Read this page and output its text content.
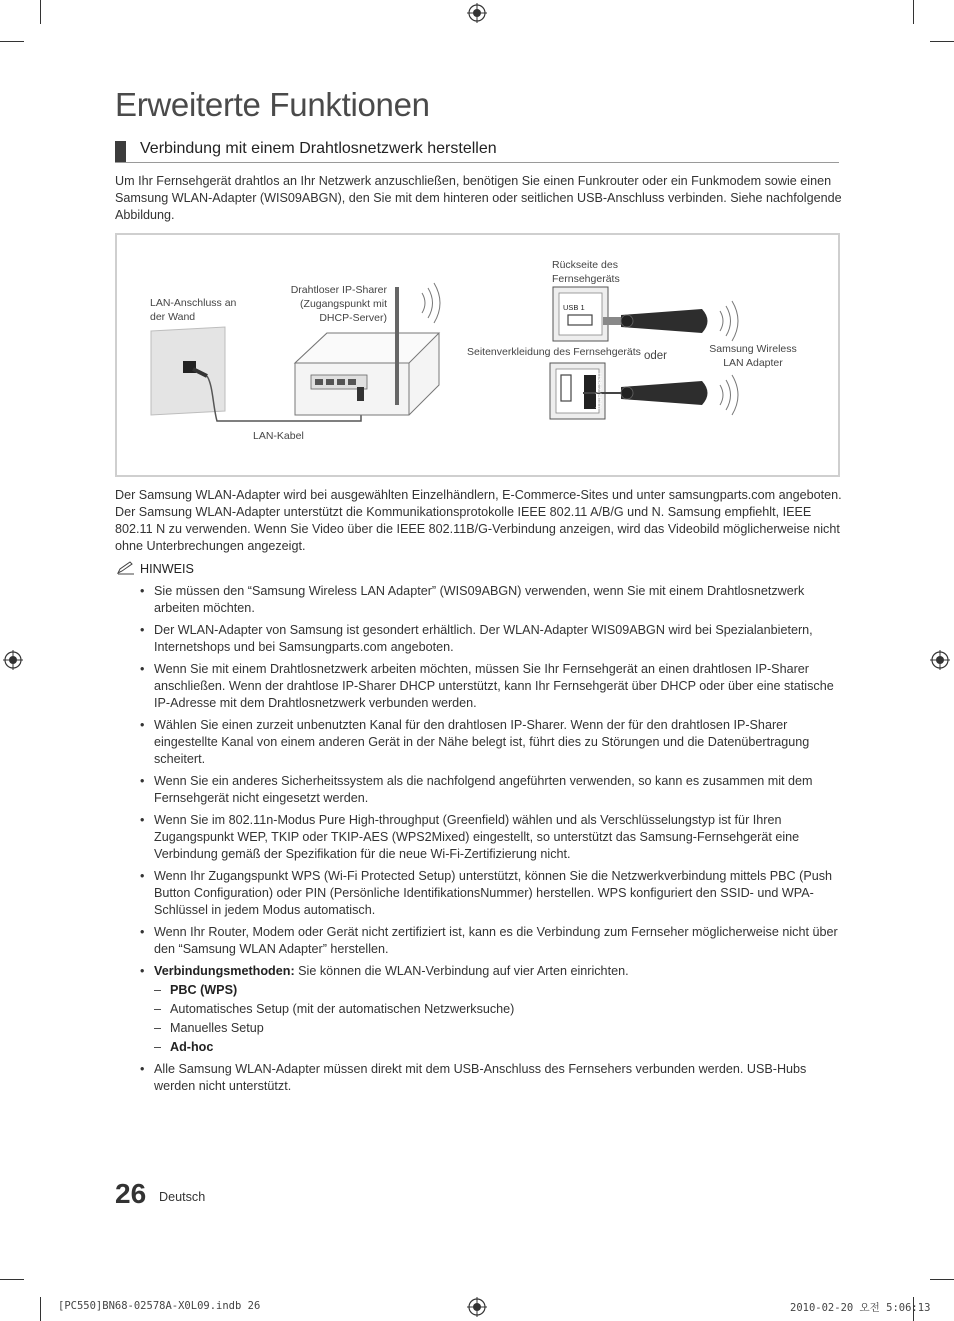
Erweiterte Funktionen
Verbindung mit einem Drahtlosnetzwerk herstellen
Um Ihr Fernsehgerät drahtlos an Ihr Netzwerk anzuschließen, benötigen Sie einen Funkrouter oder ein Funkmodem sowie einen Samsung WLAN-Adapter (WIS09ABGN), den Sie mit dem hinteren oder seitlichen USB-Anschluss verbinden. Siehe nachfolgende Abbildung.
USB 1
USB 2 (HDD)
LAN-Anschluss an
der Wand
Drahtloser IP-Sharer
(Zugangspunkt mit
DHCP-Server)
LAN-Kabel
Rückseite des
Fernsehgeräts
Seitenverkleidung des Fernsehgeräts oder
Samsung Wireless
LAN Adapter
Der Samsung WLAN-Adapter wird bei ausgewählten Einzelhändlern, E-Commerce-Sites und unter samsungparts.com angeboten. Der Samsung WLAN-Adapter unterstützt die Kommunikationsprotokolle IEEE 802.11 A/B/G und N. Samsung empfiehlt, IEEE 802.11 N zu verwenden. Wenn Sie Video über die IEEE 802.11B/G-Verbindung anzeigen, wird das Videobild möglicherweise nicht ohne Unterbrechungen angezeigt.
HINWEIS
• Sie müssen den “Samsung Wireless LAN Adapter” (WIS09ABGN) verwenden, wenn Sie mit einem Drahtlosnetzwerk arbeiten möchten.
• Der WLAN-Adapter von Samsung ist gesondert erhältlich. Der WLAN-Adapter WIS09ABGN wird bei Spezialanbietern, Internetshops und bei Samsungparts.com angeboten.
• Wenn Sie mit einem Drahtlosnetzwerk arbeiten möchten, müssen Sie Ihr Fernsehgerät an einen drahtlosen IP-Sharer anschließen. Wenn der drahtlose IP-Sharer DHCP unterstützt, kann Ihr Fernsehgerät über DHCP oder über eine statische IP-Adresse mit dem Drahtlosnetzwerk verbunden werden.
• Wählen Sie einen zurzeit unbenutzten Kanal für den drahtlosen IP-Sharer. Wenn der für den drahtlosen IP-Sharer eingestellte Kanal von einem anderen Gerät in der Nähe belegt ist, führt dies zu Störungen und die Datenübertragung scheitert.
• Wenn Sie ein anderes Sicherheitssystem als die nachfolgend angeführten verwenden, so kann es zusammen mit dem Fernsehgerät nicht eingesetzt werden.
• Wenn Sie im 802.11n-Modus Pure High-throughput (Greenfield) wählen und als Verschlüsselungstyp ist für Ihren Zugangspunkt WEP, TKIP oder TKIP-AES (WPS2Mixed) eingestellt, so unterstützt das Samsung-Fernsehgerät eine Verbindung gemäß der Spezifikation für die neue Wi-Fi-Zertifizierung nicht.
• Wenn Ihr Zugangspunkt WPS (Wi-Fi Protected Setup) unterstützt, können Sie die Netzwerkverbindung mittels PBC (Push Button Configuration) oder PIN (Persönliche IdentifikationsNummer) herstellen. WPS konfiguriert den SSID- und WPA-Schlüssel in jedem Modus automatisch.
• Wenn Ihr Router, Modem oder Gerät nicht zertifiziert ist, kann es die Verbindung zum Fernseher möglicherweise nicht über den “Samsung WLAN Adapter” herstellen.
• Verbindungsmethoden: Sie können die WLAN-Verbindung auf vier Arten einrichten.
– PBC (WPS)
– Automatisches Setup (mit der automatischen Netzwerksuche)
– Manuelles Setup
– Ad-hoc
• Alle Samsung WLAN-Adapter müssen direkt mit dem USB-Anschluss des Fernsehers verbunden werden. USB-Hubs werden nicht unterstützt.
26 Deutsch
[PC550]BN68-02578A-X0L09.indb 26	2010-02-20 오전 5:06:13
